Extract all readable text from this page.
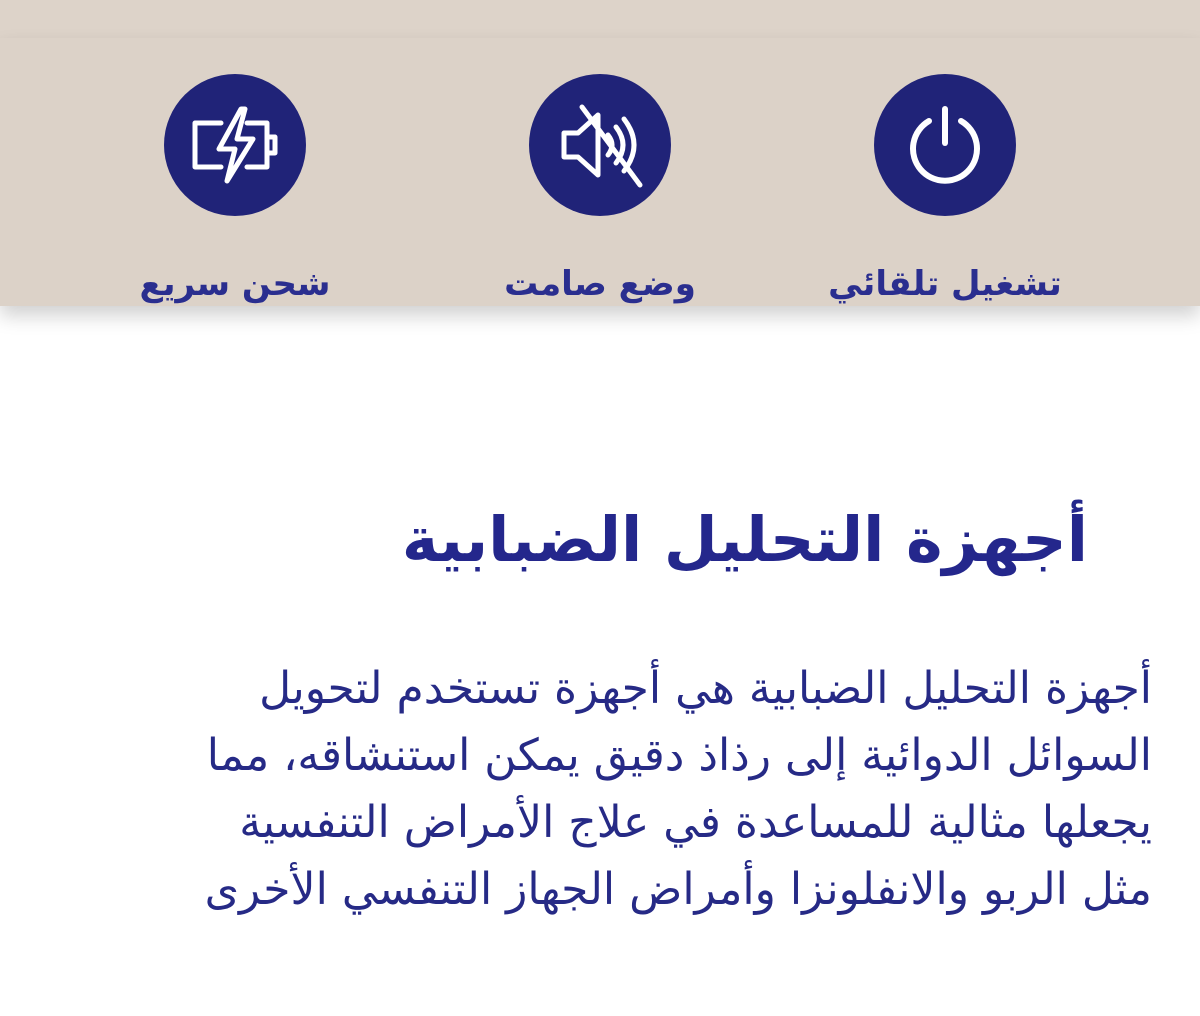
تشغيل تلقائي
وضع صامت
شحن سريع
أجهزة التحليل الضبابية
أجهزة التحليل الضبابية هي أجهزة تستخدم لتحويل
السوائل الدوائية إلى رذاذ دقيق يمكن استنشاقه، مما
يجعلها مثالية للمساعدة في علاج الأمراض التنفسية
مثل الربو والانفلونزا وأمراض الجهاز التنفسي الأخرى
